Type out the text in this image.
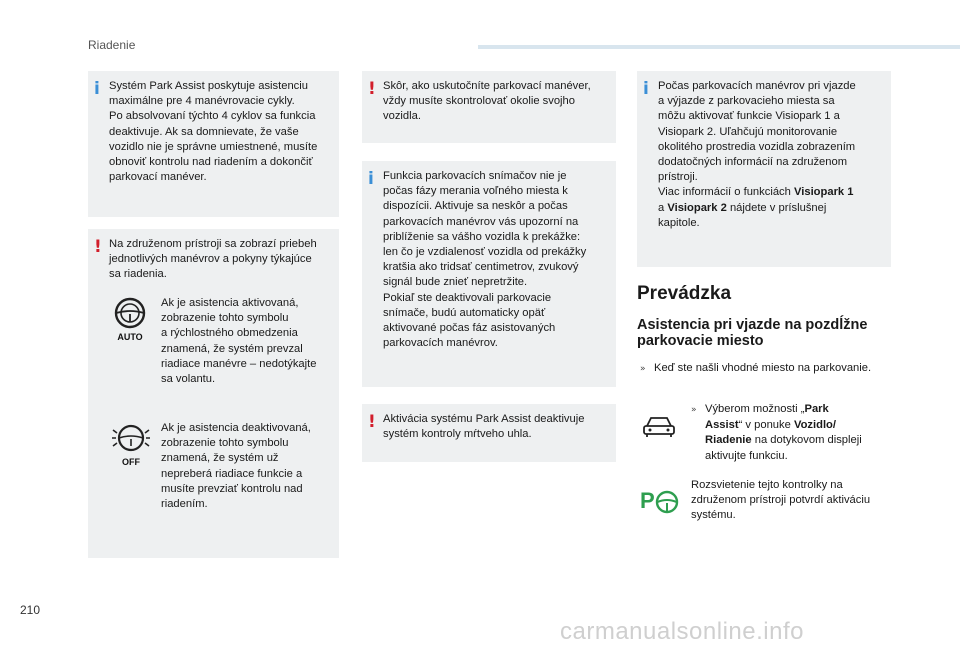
Riadenie
i Systém Park Assist poskytuje asistenciu

maximálne pre 4 manévrovacie cykly.

Po absolvovaní týchto 4 cyklov sa funkcia

deaktivuje. Ak sa domnievate, že vaše

vozidlo nie je správne umiestnené, musíte

obnoviť kontrolu nad riadením a dokončiť

parkovací manéver.

! Na združenom prístroji sa zobrazí priebeh

jednotlivých manévrov a pokyny týkajúce

sa riadenia.

AUTO

Ak je asistencia aktivovaná,

zobrazenie tohto symbolu

a rýchlostného obmedzenia

znamená, že systém prevzal

riadiace manévre – nedotýkajte

sa volantu.

OFF

Ak je asistencia deaktivovaná,

zobrazenie tohto symbolu

znamená, že systém už

nepreberá riadiace funkcie a

musíte prevziať kontrolu nad

riadením.

! Skôr, ako uskutočníte parkovací manéver,

vždy musíte skontrolovať okolie svojho

vozidla.

i Funkcia parkovacích snímačov nie je

počas fázy merania voľného miesta k

dispozícii. Aktivuje sa neskôr a počas

parkovacích manévrov vás upozorní na

priblíženie sa vášho vozidla k prekážke:

len čo je vzdialenosť vozidla od prekážky

kratšia ako tridsať centimetrov, zvukový

signál bude znieť nepretržite.

Pokiaľ ste deaktivovali parkovacie

snímače, budú automaticky opäť

aktivované počas fáz asistovaných

parkovacích manévrov.

! Aktivácia systému Park Assist deaktivuje

systém kontroly mŕtveho uhla.

i Počas parkovacích manévrov pri vjazde

a výjazde z parkovacieho miesta sa

môžu aktivovať funkcie Visiopark 1 a

Visiopark 2. Uľahčujú monitorovanie

okolitého prostredia vozidla zobrazením

dodatočných informácií na združenom

prístroji.

Viac informácií o funkciách Visiopark 1

a Visiopark 2 nájdete v príslušnej

kapitole.

Prevádzka
Asistencia pri vjazde na pozdĺžne parkovacie miesto
» Keď ste našli vhodné miesto na parkovanie.

» Výberom možnosti „Park

Assist“ v ponuke Vozidlo/

Riadenie na dotykovom displeji

aktivujte funkciu.

P

Rozsvietenie tejto kontrolky na

združenom prístroji potvrdí aktiváciu

systému.

210
carmanualsonline.info
